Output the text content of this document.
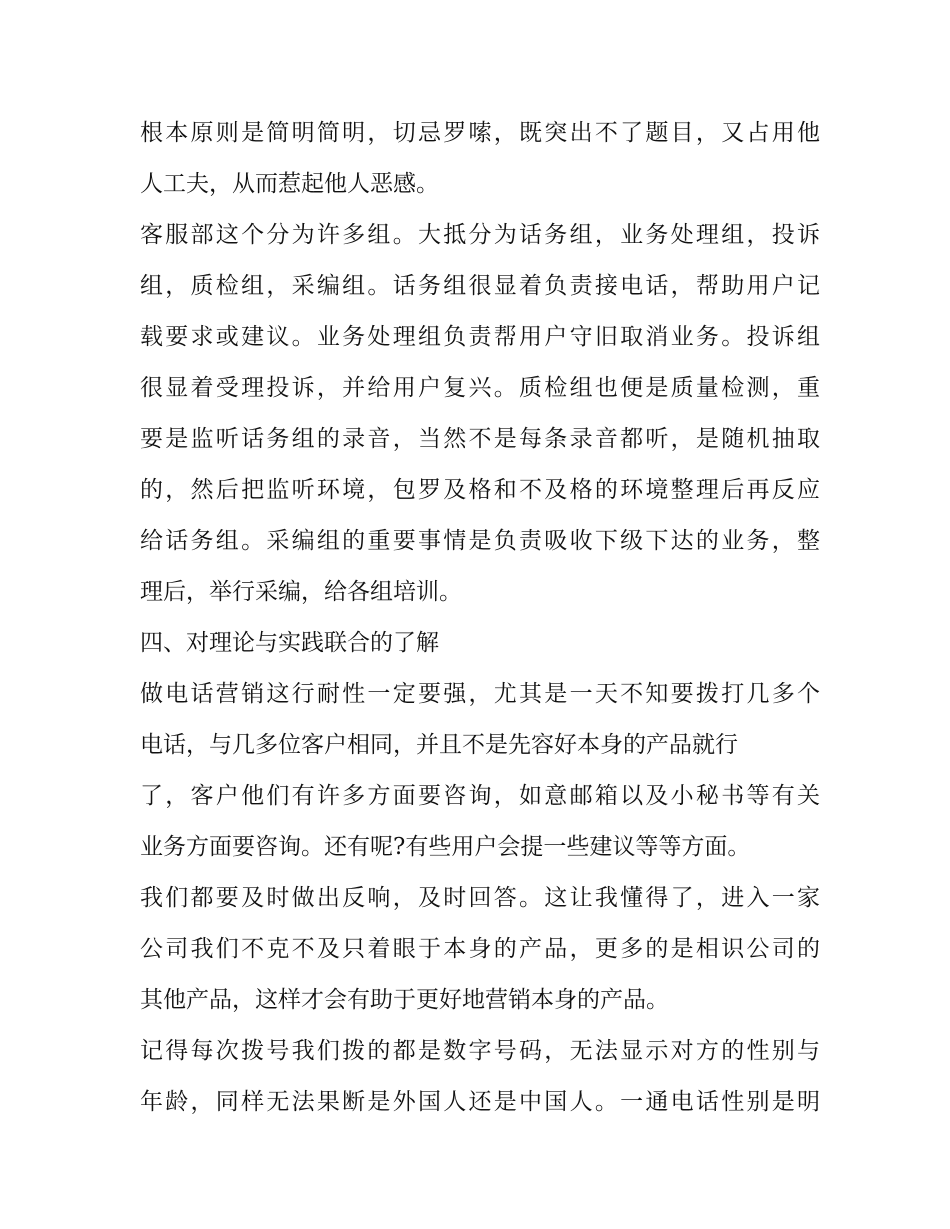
根本原则是简明简明，切忌罗嗦，既突出不了题目，又占用他
人工夫，从而惹起他人恶感。
客服部这个分为许多组。大抵分为话务组，业务处理组，投诉
组，质检组，采编组。话务组很显着负责接电话，帮助用户记
载要求或建议。业务处理组负责帮用户守旧取消业务。投诉组
很显着受理投诉，并给用户复兴。质检组也便是质量检测，重
要是监听话务组的录音，当然不是每条录音都听，是随机抽取
的，然后把监听环境，包罗及格和不及格的环境整理后再反应
给话务组。采编组的重要事情是负责吸收下级下达的业务，整
理后，举行采编，给各组培训。
四、对理论与实践联合的了解
做电话营销这行耐性一定要强，尤其是一天不知要拨打几多个
电话，与几多位客户相同，并且不是先容好本身的产品就行
了，客户他们有许多方面要咨询，如意邮箱以及小秘书等有关
业务方面要咨询。还有呢?有些用户会提一些建议等等方面。
我们都要及时做出反响，及时回答。这让我懂得了，进入一家
公司我们不克不及只着眼于本身的产品，更多的是相识公司的
其他产品，这样才会有助于更好地营销本身的产品。
记得每次拨号我们拨的都是数字号码，无法显示对方的性别与
年龄，同样无法果断是外国人还是中国人。一通电话性别是明
